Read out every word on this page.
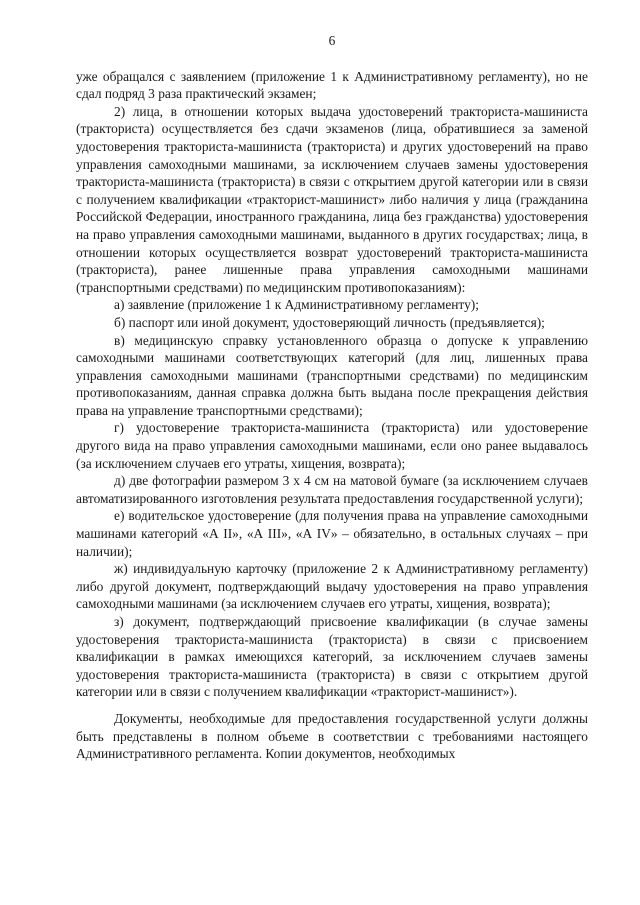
6

уже обращался с заявлением (приложение 1 к Административному регламенту), но не сдал подряд 3 раза практический экзамен;

2) лица, в отношении которых выдача удостоверений тракториста-машиниста (тракториста) осуществляется без сдачи экзаменов (лица, обратившиеся за заменой удостоверения тракториста-машиниста (тракториста) и других удостоверений на право управления самоходными машинами, за исключением случаев замены удостоверения тракториста-машиниста (тракториста) в связи с открытием другой категории или в связи с получением квалификации «тракторист-машинист» либо наличия у лица (гражданина Российской Федерации, иностранного гражданина, лица без гражданства) удостоверения на право управления самоходными машинами, выданного в других государствах; лица, в отношении которых осуществляется возврат удостоверений тракториста-машиниста (тракториста), ранее лишенные права управления самоходными машинами (транспортными средствами) по медицинским противопоказаниям):

а) заявление (приложение 1 к Административному регламенту);

б) паспорт или иной документ, удостоверяющий личность (предъявляется);

в) медицинскую справку установленного образца о допуске к управлению самоходными машинами соответствующих категорий (для лиц, лишенных права управления самоходными машинами (транспортными средствами) по медицинским противопоказаниям, данная справка должна быть выдана после прекращения действия права на управление транспортными средствами);

г) удостоверение тракториста-машиниста (тракториста) или удостоверение другого вида на право управления самоходными машинами, если оно ранее выдавалось (за исключением случаев его утраты, хищения, возврата);

д) две фотографии размером 3 х 4 см на матовой бумаге (за исключением случаев автоматизированного изготовления результата предоставления государственной услуги);

е) водительское удостоверение (для получения права на управление самоходными машинами категорий «А II», «А III», «А IV» – обязательно, в остальных случаях – при наличии);

ж) индивидуальную карточку (приложение 2 к Административному регламенту) либо другой документ, подтверждающий выдачу удостоверения на право управления самоходными машинами (за исключением случаев его утраты, хищения, возврата);

з) документ, подтверждающий присвоение квалификации (в случае замены удостоверения тракториста-машиниста (тракториста) в связи с присвоением квалификации в рамках имеющихся категорий, за исключением случаев замены удостоверения тракториста-машиниста (тракториста) в связи с открытием другой категории или в связи с получением квалификации «тракторист-машинист»).

Документы, необходимые для предоставления государственной услуги должны быть представлены в полном объеме в соответствии с требованиями настоящего Административного регламента. Копии документов, необходимых
